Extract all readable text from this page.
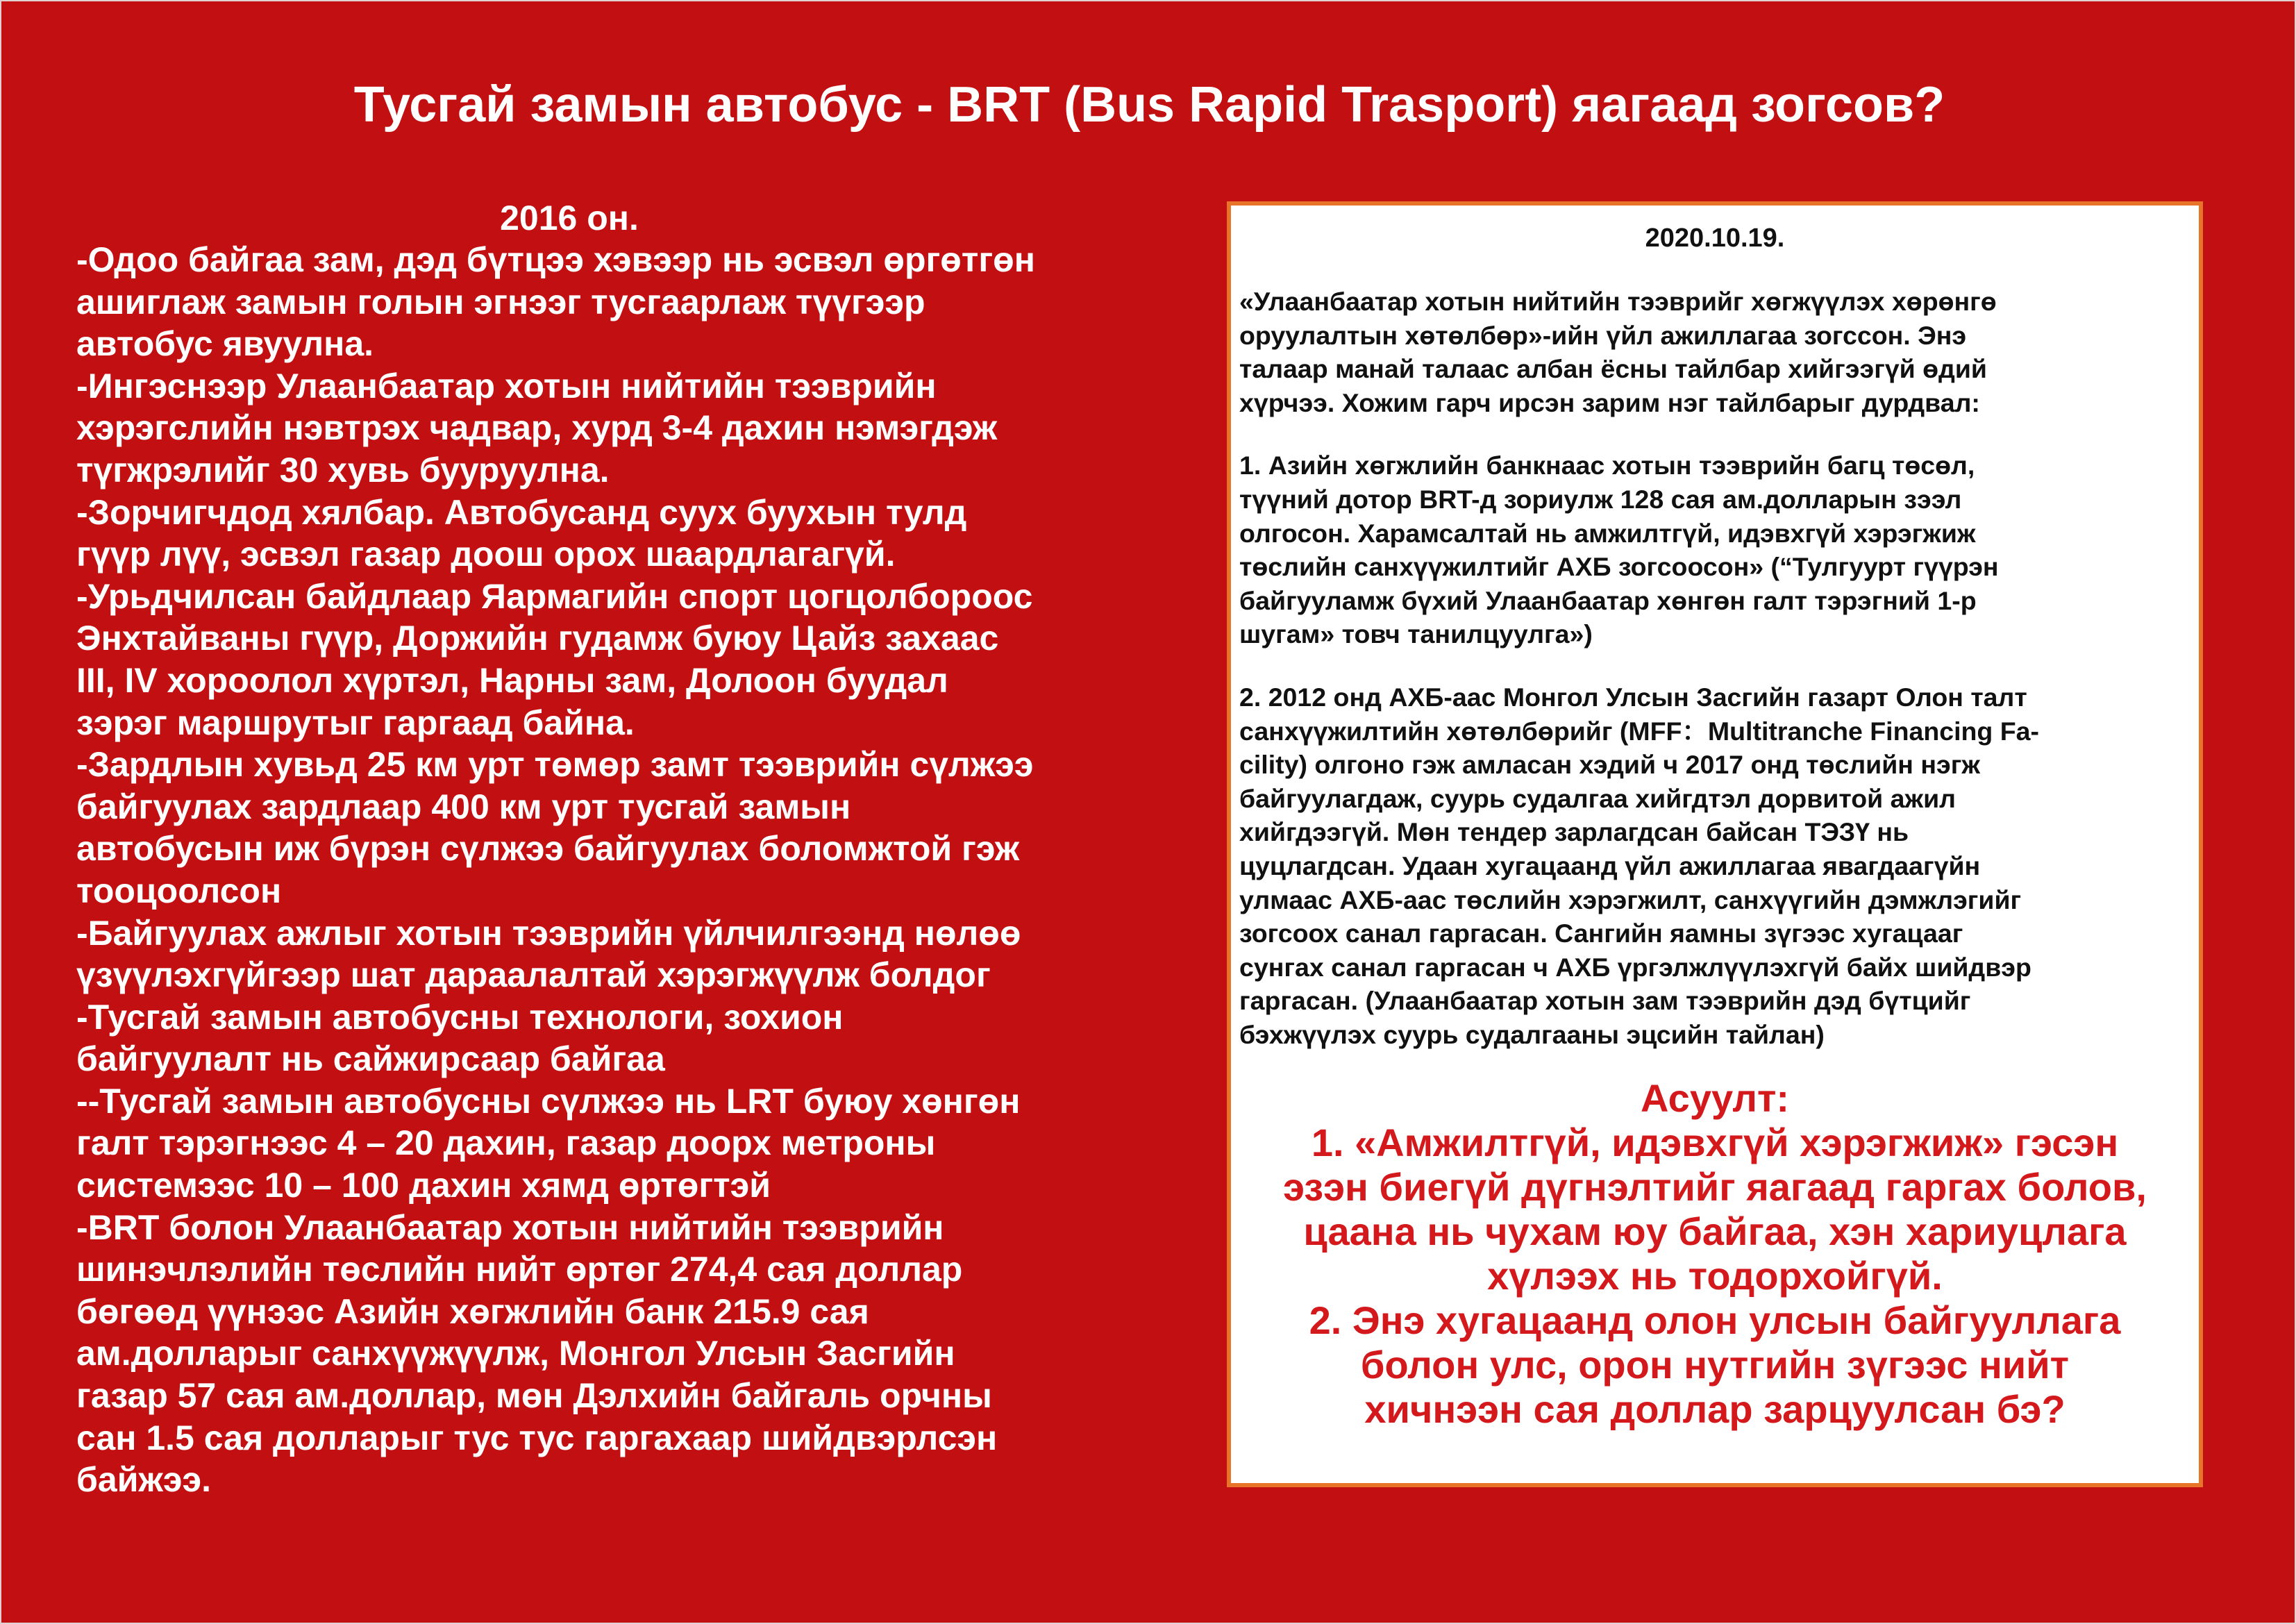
Тусгай замын автобус - BRT (Bus Rapid Trasport) яагаад зогсов?

2016 он.

-Одоо байгаа зам, дэд бүтцээ хэвээр нь эсвэл өргөтгөн
ашиглаж замын голын эгнээг тусгаарлаж түүгээр
автобус явуулна.
-Ингэснээр Улаанбаатар хотын нийтийн тээврийн
хэрэгслийн нэвтрэх чадвар, хурд 3-4 дахин нэмэгдэж
түгжрэлийг 30 хувь бууруулна.
-Зорчигчдод хялбар. Автобусанд суух буухын тулд
гүүр лүү, эсвэл газар доош орох шаардлагагүй.
-Урьдчилсан байдлаар Яармагийн спорт цогцолбороос
Энхтайваны гүүр, Доржийн гудамж буюу Цайз захаас
III, IV хороолол хүртэл, Нарны зам, Долоон буудал
зэрэг маршрутыг гаргаад байна.
-Зардлын хувьд 25 км урт төмөр замт тээврийн сүлжээ
байгуулах зардлаар 400 км урт тусгай замын
автобусын иж бүрэн сүлжээ байгуулах боломжтой гэж
тооцоолсон
-Байгуулах ажлыг хотын тээврийн үйлчилгээнд нөлөө
үзүүлэхгүйгээр шат дараалалтай хэрэгжүүлж болдог
-Тусгай замын автобусны технологи, зохион
байгуулалт нь сайжирсаар байгаа
--Тусгай замын автобусны сүлжээ нь LRT буюу хөнгөн
галт тэрэгнээс 4 – 20 дахин, газар доорх метроны
системээс 10 – 100 дахин хямд өртөгтэй
-BRT болон Улаанбаатар хотын нийтийн тээврийн
шинэчлэлийн төслийн нийт өртөг 274,4 сая доллар
бөгөөд үүнээс Азийн хөгжлийн банк 215.9 сая
ам.долларыг санхүүжүүлж, Монгол Улсын Засгийн
газар 57 сая ам.доллар, мөн Дэлхийн байгаль орчны
сан 1.5 сая долларыг тус тус гаргахаар шийдвэрлсэн
байжээ.

2020.10.19.

«Улаанбаатар хотын нийтийн тээврийг хөгжүүлэх хөрөнгө
оруулалтын хөтөлбөр»-ийн үйл ажиллагаа зогссон. Энэ
талаар манай талаас албан ёсны тайлбар хийгээгүй өдий
хүрчээ. Хожим гарч ирсэн зарим нэг тайлбарыг дурдвал:

1. Азийн хөгжлийн банкнаас хотын тээврийн багц төсөл,
түүний дотор BRT-д зориулж 128 сая ам.долларын зээл
олгосон. Харамсалтай нь амжилтгүй, идэвхгүй хэрэгжиж
төслийн санхүүжилтийг АХБ зогсоосон» (“Тулгуурт гүүрэн
байгууламж бүхий Улаанбаатар хөнгөн галт тэрэгний 1-р
шугам» товч танилцуулга»)

2. 2012 онд АХБ-аас Монгол Улсын Засгийн газарт Олон талт
санхүүжилтийн хөтөлбөрийг (MFF：Multitranche Financing Fa-
cility) олгоно гэж амласан хэдий ч 2017 онд төслийн нэгж
байгуулагдаж, суурь судалгаа хийгдтэл дорвитой ажил
хийгдээгүй. Мөн тендер зарлагдсан байсан ТЭЗҮ нь
цуцлагдсан. Удаан хугацаанд үйл ажиллагаа явагдаагүйн
улмаас АХБ-аас төслийн хэрэгжилт, санхүүгийн дэмжлэгийг
зогсоох санал гаргасан. Сангийн яамны зүгээс хугацааг
сунгах санал гаргасан ч АХБ үргэлжлүүлэхгүй байх шийдвэр
гаргасан. (Улаанбаатар хотын зам тээврийн дэд бүтцийг
бэхжүүлэх суурь судалгааны эцсийн тайлан)

Асуулт:

1. «Амжилтгүй, идэвхгүй хэрэгжиж» гэсэн
эзэн биегүй дүгнэлтийг яагаад гаргах болов,
цаана нь чухам юу байгаа, хэн хариуцлага
хүлээх нь тодорхойгүй.

2. Энэ хугацаанд олон улсын байгууллага
болон улс, орон нутгийн зүгээс нийт
хичнээн сая доллар зарцуулсан бэ?
